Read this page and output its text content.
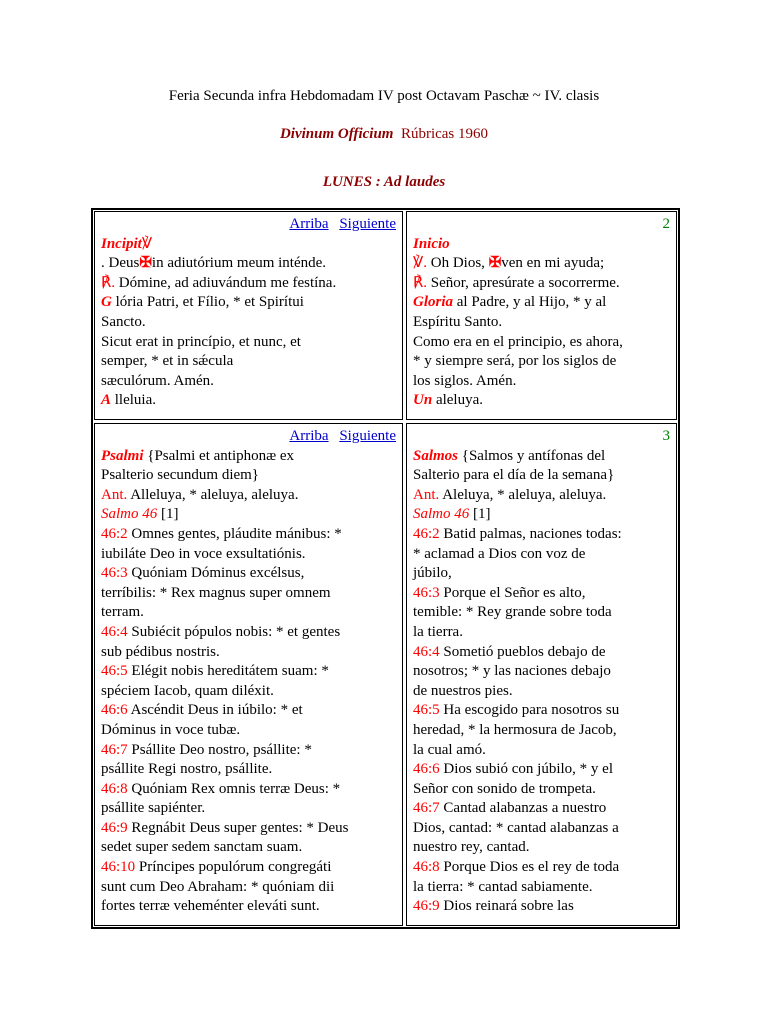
Feria Secunda infra Hebdomadam IV post Octavam Paschæ ~ IV. clasis
Divinum Officium Rúbricas 1960
LUNES : Ad laudes
Arriba Siguiente
Incipit℣
. Deus✠in adiutórium meum inténde.
℟. Dómine, ad adiuvándum me festína.
G lória Patri, et Fílio, * et Spirítui
Sancto.
Sicut erat in princípio, et nunc, et
semper, * et in sǽcula
sæculórum. Amén.
A lleluia.
2
Inicio
℣. Oh Dios, ✠ven en mi ayuda;
℟. Señor, apresúrate a socorrerme.
Gloria al Padre, y al Hijo, * y al
Espíritu Santo.
Como era en el principio, es ahora,
* y siempre será, por los siglos de
los siglos. Amén.
Un aleluya.
Arriba Siguiente
Psalmi {Psalmi et antiphonæ ex
Psalterio secundum diem}
Ant. Alleluya, * aleluya, aleluya.
Salmo 46 [1]
46:2 Omnes gentes, pláudite mánibus: *
iubiláte Deo in voce exsultatiónis.
46:3 Quóniam Dóminus excélsus,
terríbilis: * Rex magnus super omnem
terram.
46:4 Subiécit pópulos nobis: * et gentes
sub pédibus nostris.
46:5 Elégit nobis hereditátem suam: *
spéciem Iacob, quam diléxit.
46:6 Ascéndit Deus in iúbilo: * et
Dóminus in voce tubæ.
46:7 Psállite Deo nostro, psállite: *
psállite Regi nostro, psállite.
46:8 Quóniam Rex omnis terræ Deus: *
psállite sapiénter.
46:9 Regnábit Deus super gentes: * Deus
sedet super sedem sanctam suam.
46:10 Príncipes populórum congregáti
sunt cum Deo Abraham: * quóniam dii
fortes terræ veheménter eleváti sunt.
3
Salmos {Salmos y antífonas del
Salterio para el día de la semana}
Ant. Aleluya, * aleluya, aleluya.
Salmo 46 [1]
46:2 Batid palmas, naciones todas:
* aclamad a Dios con voz de
júbilo,
46:3 Porque el Señor es alto,
temible: * Rey grande sobre toda
la tierra.
46:4 Sometió pueblos debajo de
nosotros; * y las naciones debajo
de nuestros pies.
46:5 Ha escogido para nosotros su
heredad, * la hermosura de Jacob,
la cual amó.
46:6 Dios subió con júbilo, * y el
Señor con sonido de trompeta.
46:7 Cantad alabanzas a nuestro
Dios, cantad: * cantad alabanzas a
nuestro rey, cantad.
46:8 Porque Dios es el rey de toda
la tierra: * cantad sabiamente.
46:9 Dios reinará sobre las
